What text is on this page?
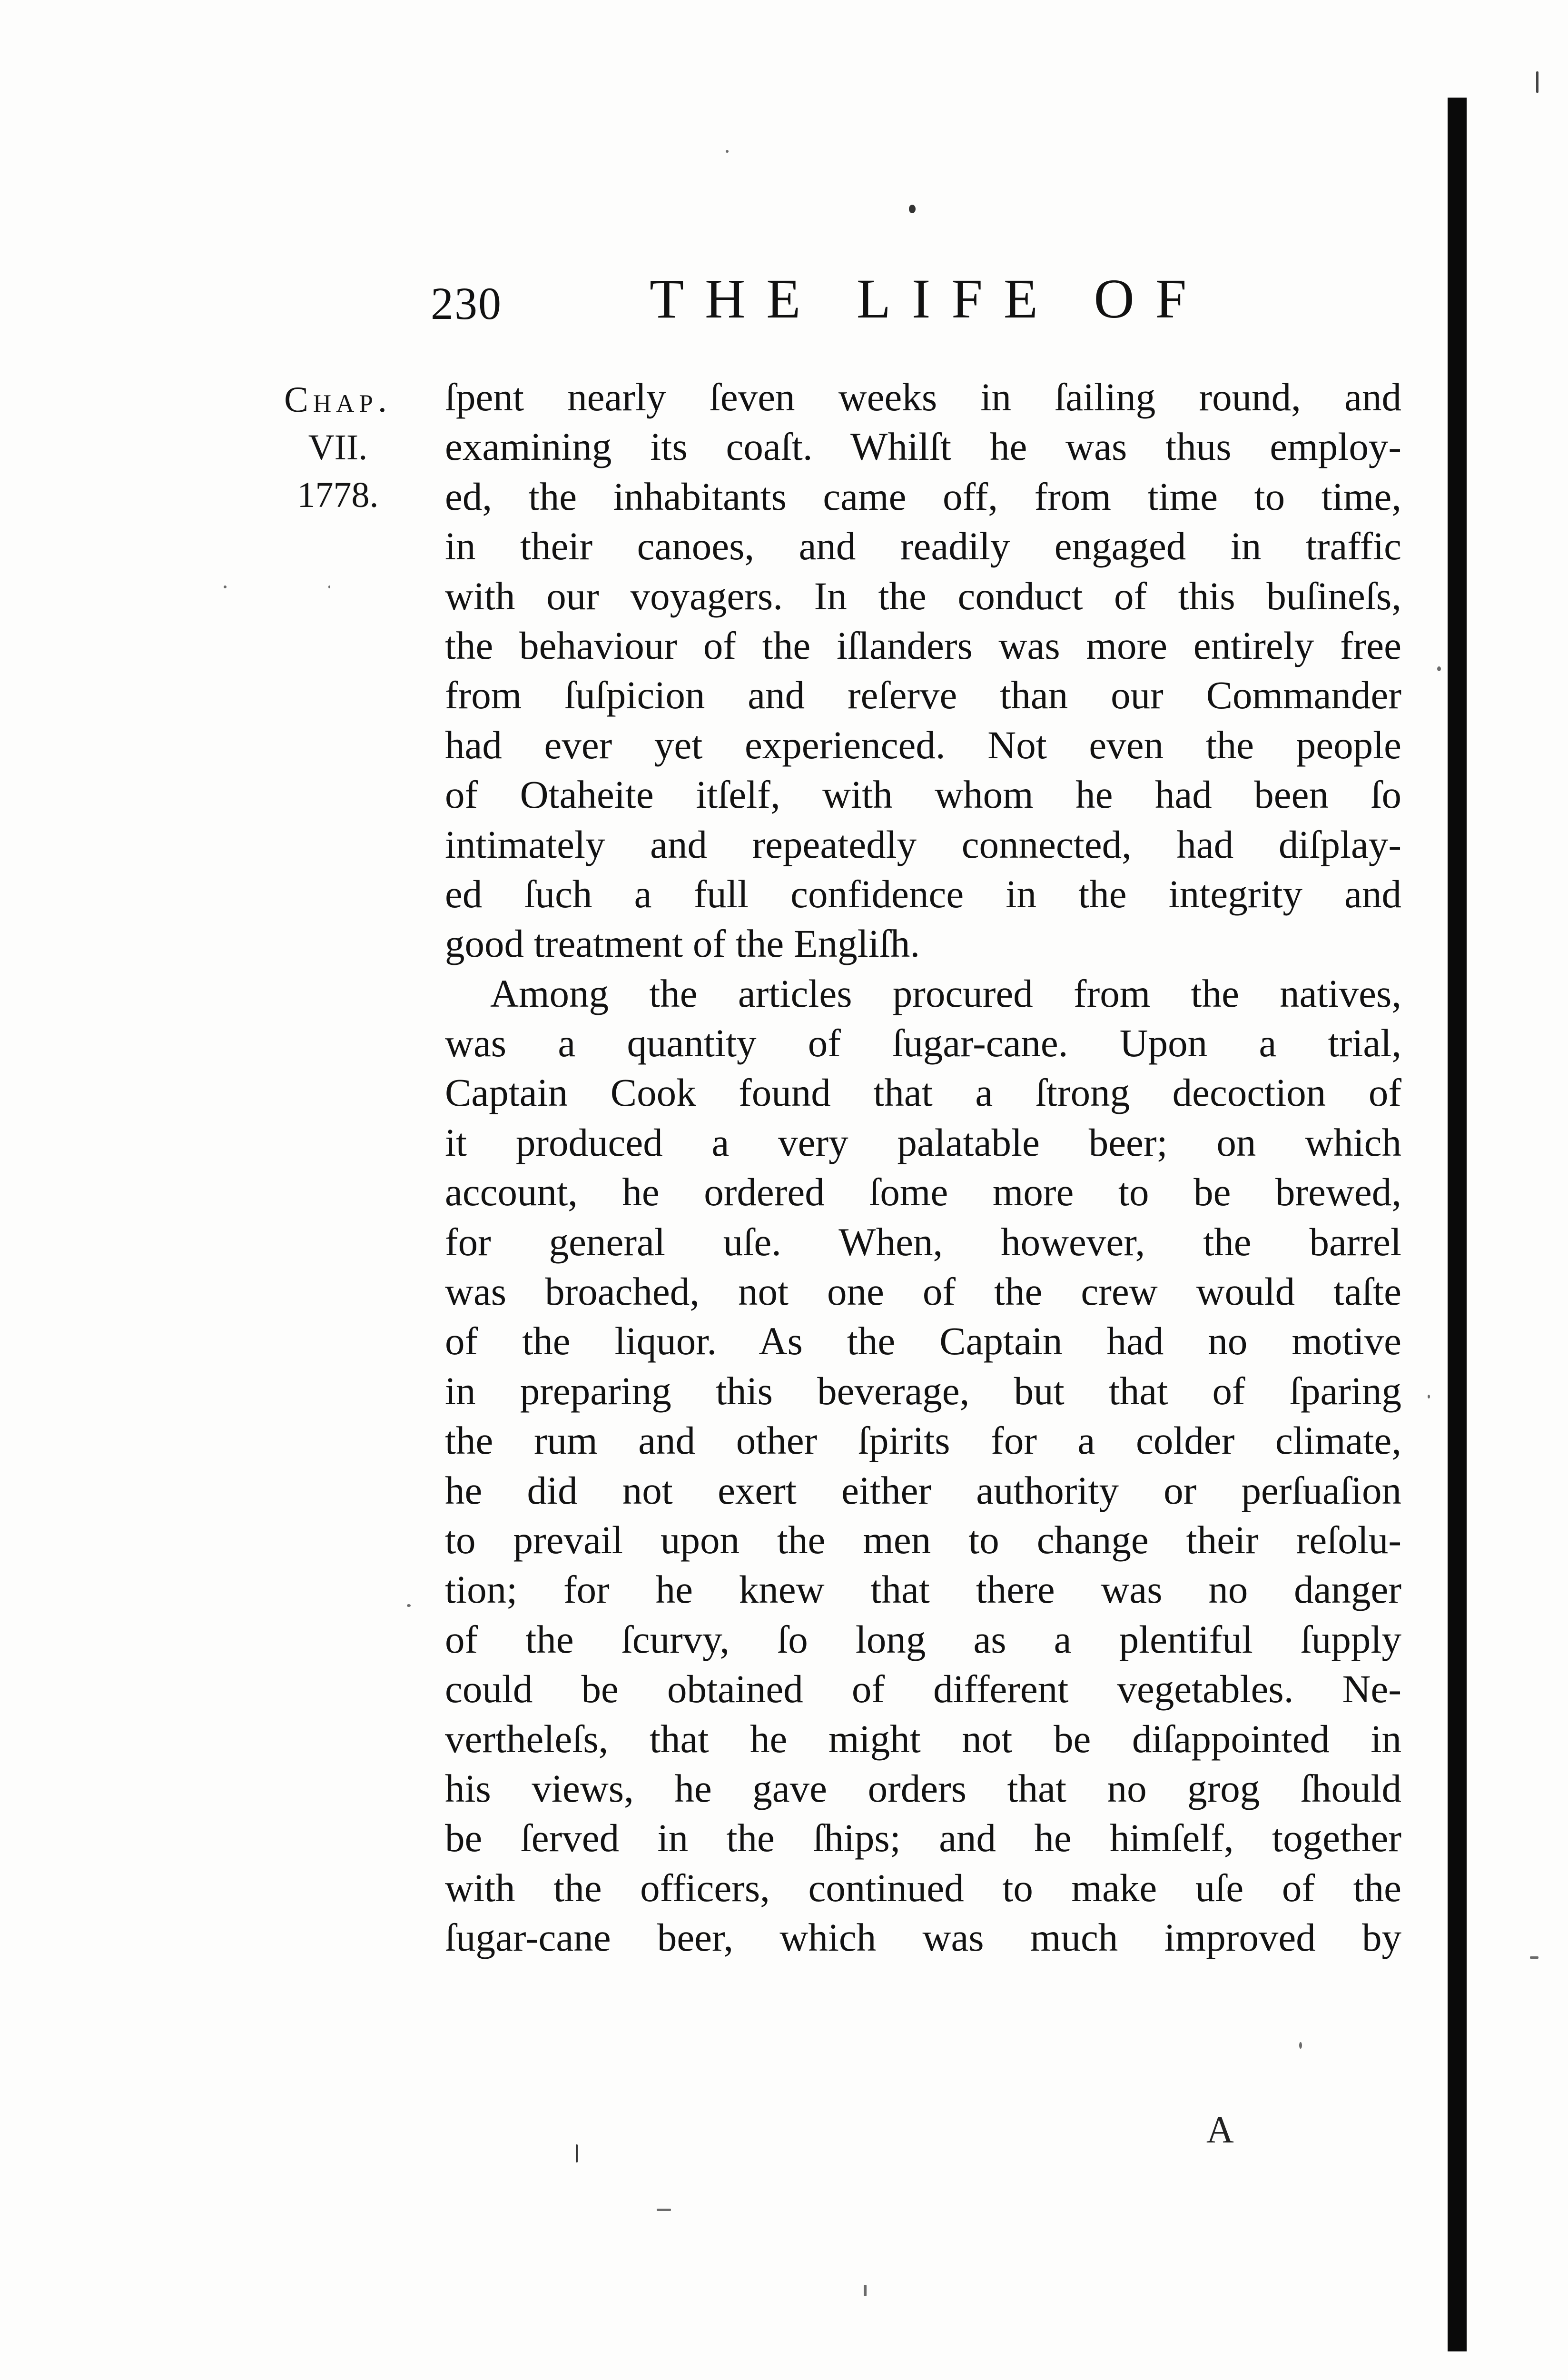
230	THE LIFE OF
Chap.
VII.
1778.
ſpent nearly ſeven weeks in ſailing round, and
examining its coaſt. Whilſt he was thus employ-
ed, the inhabitants came off, from time to time,
in their canoes, and readily engaged in traffic
with our voyagers. In the conduct of this buſineſs,
the behaviour of the iſlanders was more entirely free
from ſuſpicion and reſerve than our Commander
had ever yet experienced. Not even the people
of Otaheite itſelf, with whom he had been ſo
intimately and repeatedly connected, had diſplay-
ed ſuch a full confidence in the integrity and
good treatment of the Engliſh.
Among the articles procured from the natives,
was a quantity of ſugar-cane. Upon a trial,
Captain Cook found that a ſtrong decoction of
it produced a very palatable beer; on which
account, he ordered ſome more to be brewed,
for general uſe. When, however, the barrel
was broached, not one of the crew would taſte
of the liquor. As the Captain had no motive
in preparing this beverage, but that of ſparing
the rum and other ſpirits for a colder climate,
he did not exert either authority or perſuaſion
to prevail upon the men to change their reſolu-
tion; for he knew that there was no danger
of the ſcurvy, ſo long as a plentiful ſupply
could be obtained of different vegetables. Ne-
vertheleſs, that he might not be diſappointed in
his views, he gave orders that no grog ſhould
be ſerved in the ſhips; and he himſelf, together
with the officers, continued to make uſe of the
ſugar-cane beer, which was much improved by
A
